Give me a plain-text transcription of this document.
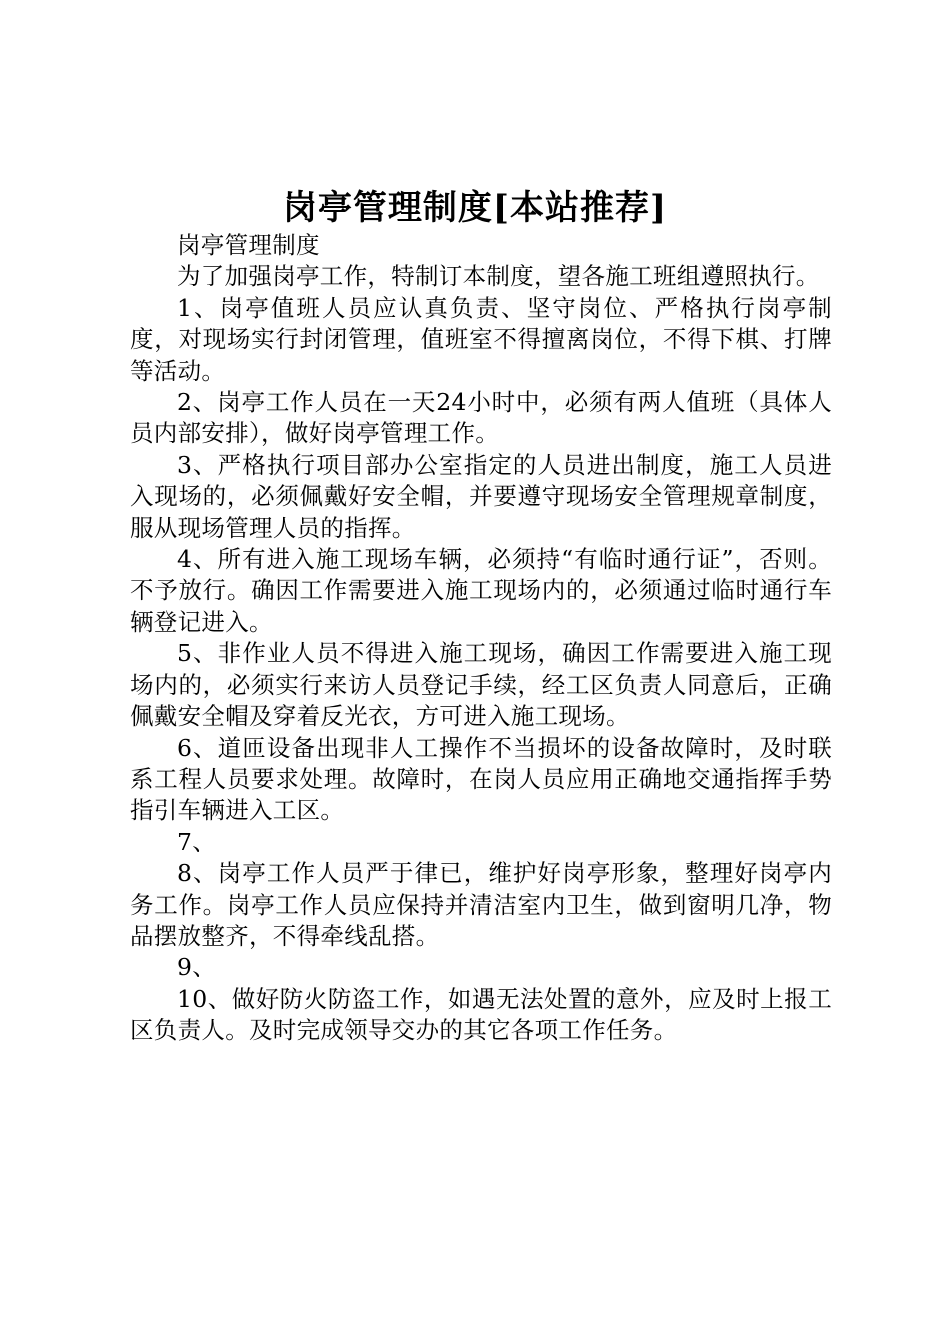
岗亭管理制度[本站推荐]

岗亭管理制度

为了加强岗亭工作，特制订本制度，望各施工班组遵照执行。

1、岗亭值班人员应认真负责、坚守岗位、严格执行岗亭制度，对现场实行封闭管理，值班室不得擅离岗位，不得下棋、打牌等活动。

2、岗亭工作人员在一天24小时中，必须有两人值班（具体人员内部安排），做好岗亭管理工作。

3、严格执行项目部办公室指定的人员进出制度，施工人员进入现场的，必须佩戴好安全帽，并要遵守现场安全管理规章制度，服从现场管理人员的指挥。

4、所有进入施工现场车辆，必须持“有临时通行证”，否则。不予放行。确因工作需要进入施工现场内的，必须通过临时通行车辆登记进入。

5、非作业人员不得进入施工现场，确因工作需要进入施工现场内的，必须实行来访人员登记手续，经工区负责人同意后，正确佩戴安全帽及穿着反光衣，方可进入施工现场。

6、道匝设备出现非人工操作不当损坏的设备故障时，及时联系工程人员要求处理。故障时，在岗人员应用正确地交通指挥手势指引车辆进入工区。

7、

8、岗亭工作人员严于律已，维护好岗亭形象，整理好岗亭内务工作。岗亭工作人员应保持并清洁室内卫生，做到窗明几净，物品摆放整齐，不得牵线乱搭。

9、

10、做好防火防盗工作，如遇无法处置的意外，应及时上报工区负责人。及时完成领导交办的其它各项工作任务。
